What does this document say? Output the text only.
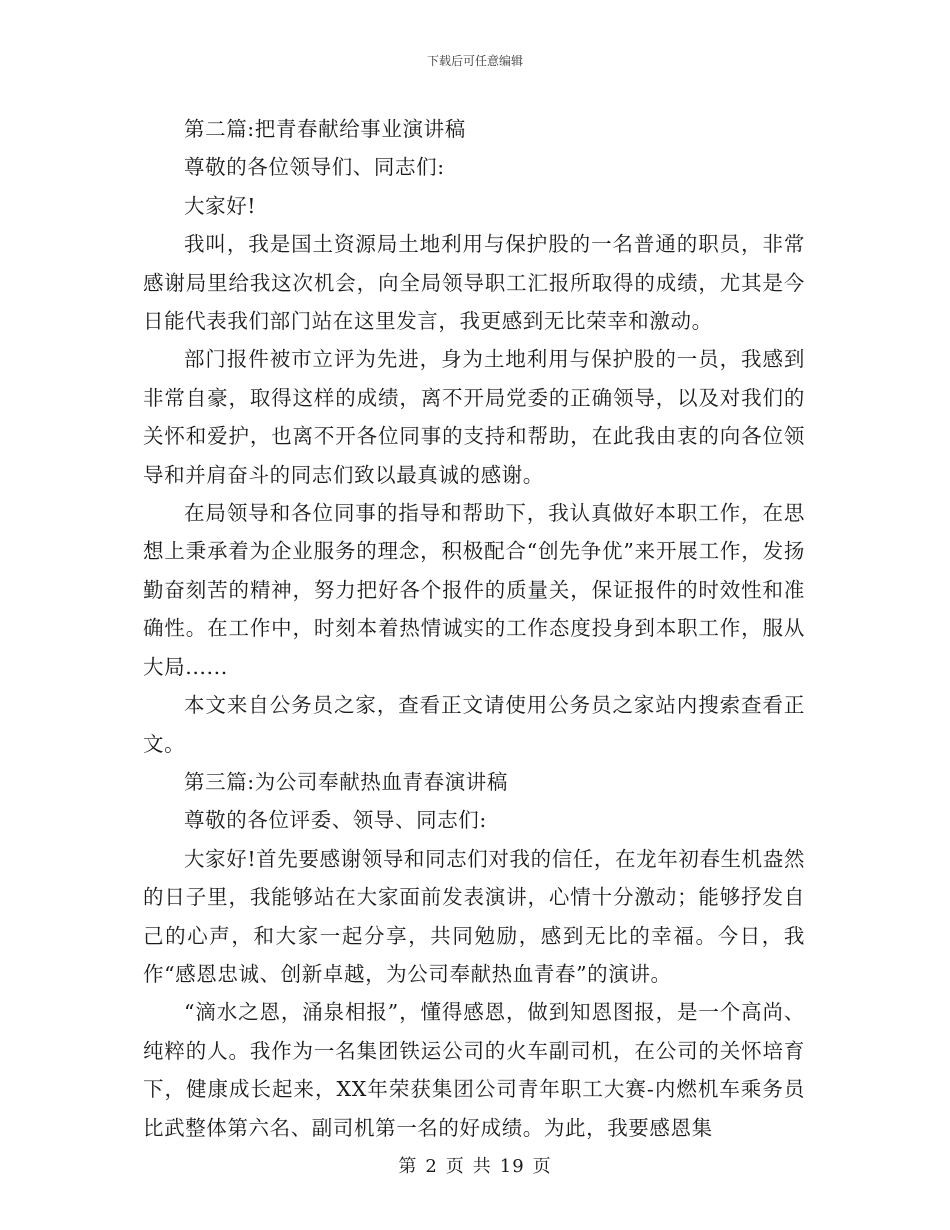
下载后可任意编辑

第二篇:把青春献给事业演讲稿

尊敬的各位领导们、同志们:

大家好!

我叫，我是国土资源局土地利用与保护股的一名普通的职员，非常感谢局里给我这次机会，向全局领导职工汇报所取得的成绩，尤其是今日能代表我们部门站在这里发言，我更感到无比荣幸和激动。

部门报件被市立评为先进，身为土地利用与保护股的一员，我感到非常自豪，取得这样的成绩，离不开局党委的正确领导，以及对我们的关怀和爱护，也离不开各位同事的支持和帮助，在此我由衷的向各位领导和并肩奋斗的同志们致以最真诚的感谢。

在局领导和各位同事的指导和帮助下，我认真做好本职工作，在思想上秉承着为企业服务的理念，积极配合“创先争优”来开展工作，发扬勤奋刻苦的精神，努力把好各个报件的质量关，保证报件的时效性和准确性。在工作中，时刻本着热情诚实的工作态度投身到本职工作，服从大局......

本文来自公务员之家，查看正文请使用公务员之家站内搜索查看正文。

第三篇:为公司奉献热血青春演讲稿

尊敬的各位评委、领导、同志们:

大家好!首先要感谢领导和同志们对我的信任，在龙年初春生机盎然的日子里，我能够站在大家面前发表演讲，心情十分激动；能够抒发自己的心声，和大家一起分享，共同勉励，感到无比的幸福。今日，我作“感恩忠诚、创新卓越，为公司奉献热血青春”的演讲。

“滴水之恩，涌泉相报”，懂得感恩，做到知恩图报，是一个高尚、纯粹的人。我作为一名集团铁运公司的火车副司机，在公司的关怀培育下，健康成长起来，XX年荣获集团公司青年职工大赛-内燃机车乘务员比武整体第六名、副司机第一名的好成绩。为此，我要感恩集

第 2 页 共 19 页
